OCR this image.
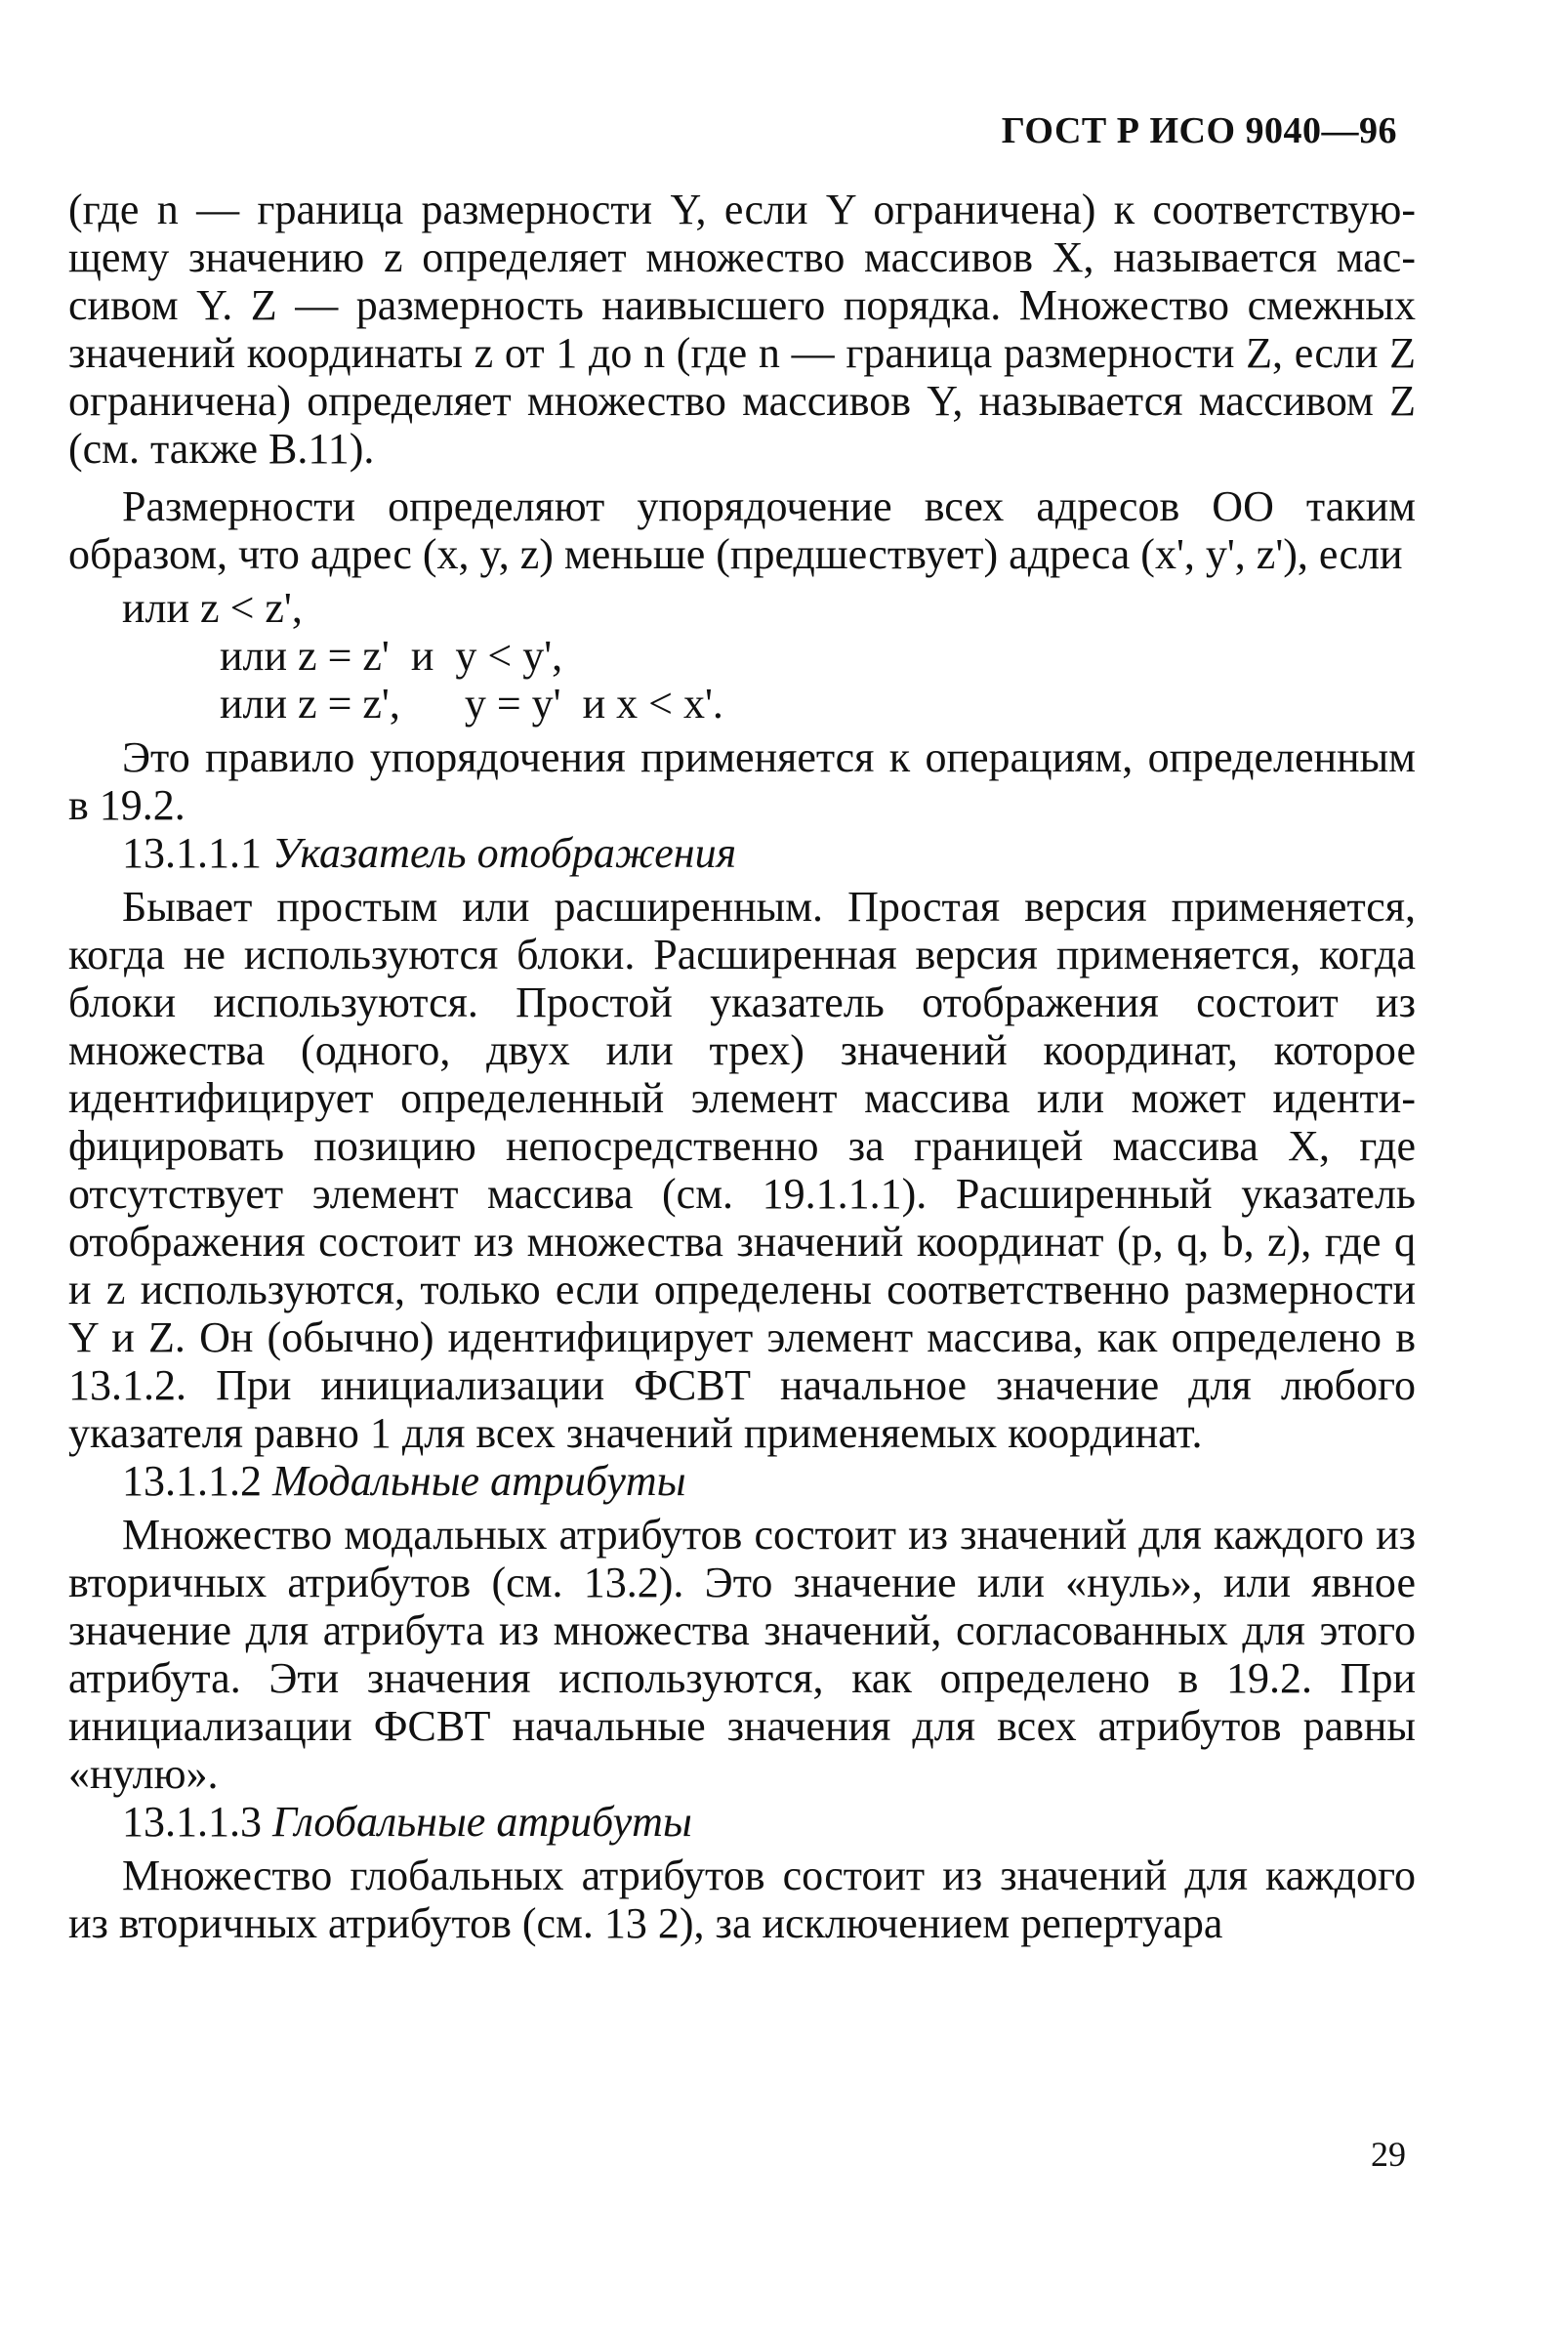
ГОСТ Р ИСО 9040—96

(где n — граница размерности Y, если Y ограничена) к соответствующему значению z определяет множество массивов X, называется массивом Y. Z — размерность наивысшего порядка. Множество смежных значений координаты z от 1 до n (где n — граница размерности Z, если Z ограничена) определяет множество массивов Y, называется массивом Z (см. также В.11).

Размерности определяют упорядочение всех адресов ОО таким образом, что адрес (x, y, z) меньше (предшествует) адреса (x', y', z'), если

или z < z',

или z = z'  и  y < y',

или z = z',      y = y'  и x < x'.

Это правило упорядочения применяется к операциям, определенным в 19.2.

13.1.1.1 Указатель отображения

Бывает простым или расширенным. Простая версия применяется, когда не используются блоки. Расширенная версия применяется, когда блоки используются. Простой указатель отображения состоит из множества (одного, двух или трех) значений координат, которое идентифицирует определенный элемент массива или может идентифицировать позицию непосредственно за границей массива X, где отсутствует элемент массива (см. 19.1.1.1). Расширенный указатель отображения состоит из множества значений координат (p, q, b, z), где q и z используются, только если определены соответственно размерности Y и Z. Он (обычно) идентифицирует элемент массива, как определено в 13.1.2. При инициализации ФСВТ начальное значение для любого указателя равно 1 для всех значений применяемых координат.

13.1.1.2 Модальные атрибуты

Множество модальных атрибутов состоит из значений для каждого из вторичных атрибутов (см. 13.2). Это значение или «нуль», или явное значение для атрибута из множества значений, согласованных для этого атрибута. Эти значения используются, как определено в 19.2. При инициализации ФСВТ начальные значения для всех атрибутов равны «нулю».

13.1.1.3 Глобальные атрибуты

Множество глобальных атрибутов состоит из значений для каждого из вторичных атрибутов (см. 13 2), за исключением репертуара

29
